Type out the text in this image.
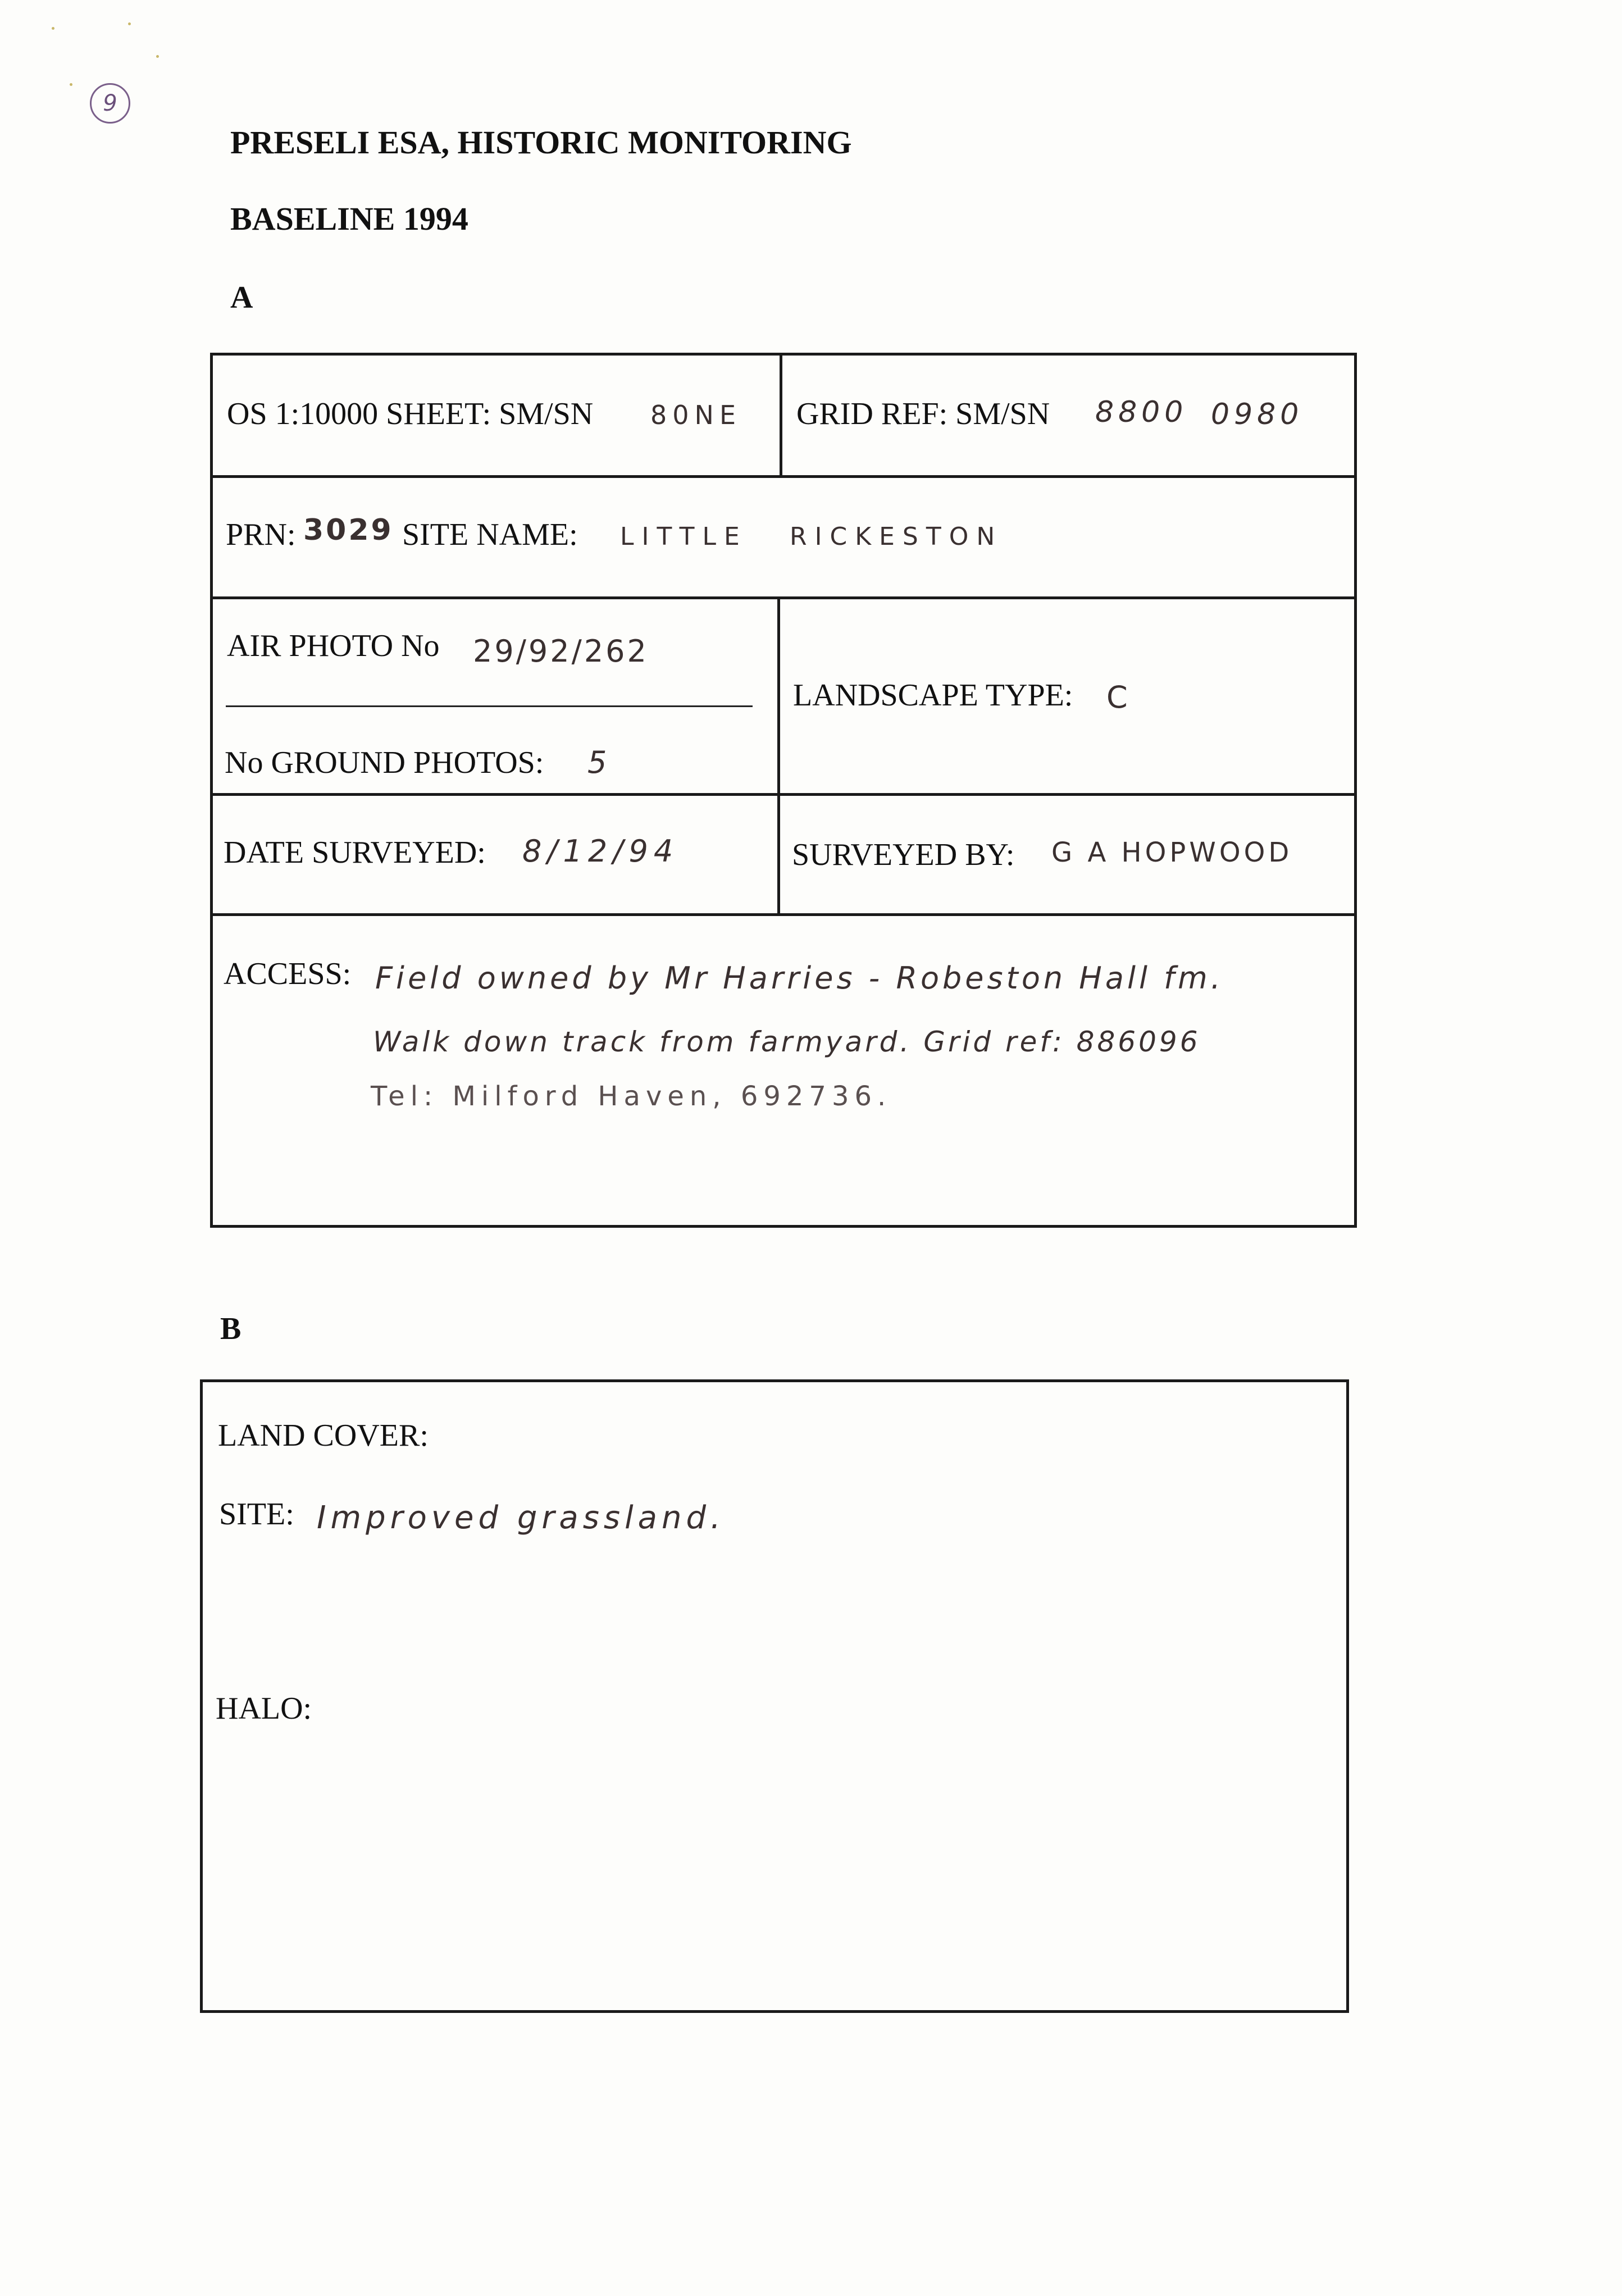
9
PRESELI ESA, HISTORIC MONITORING
BASELINE 1994
A
OS 1:10000 SHEET: SM/SN 80NE GRID REF: SM/SN 8800 0980
PRN: 3029 SITE NAME: LITTLE RICKESTON
AIR PHOTO No 29/92/262
No GROUND PHOTOS: 5
LANDSCAPE TYPE: C
DATE SURVEYED: 8/12/94	SURVEYED BY: G A HOPWOOD
ACCESS: Field owned by Mr Harries - Robeston Hall fm.
Walk down track from farmyard. Grid ref: 886096
Tel: Milford Haven, 692736.
B
LAND COVER:
SITE: Improved grassland.
HALO:
